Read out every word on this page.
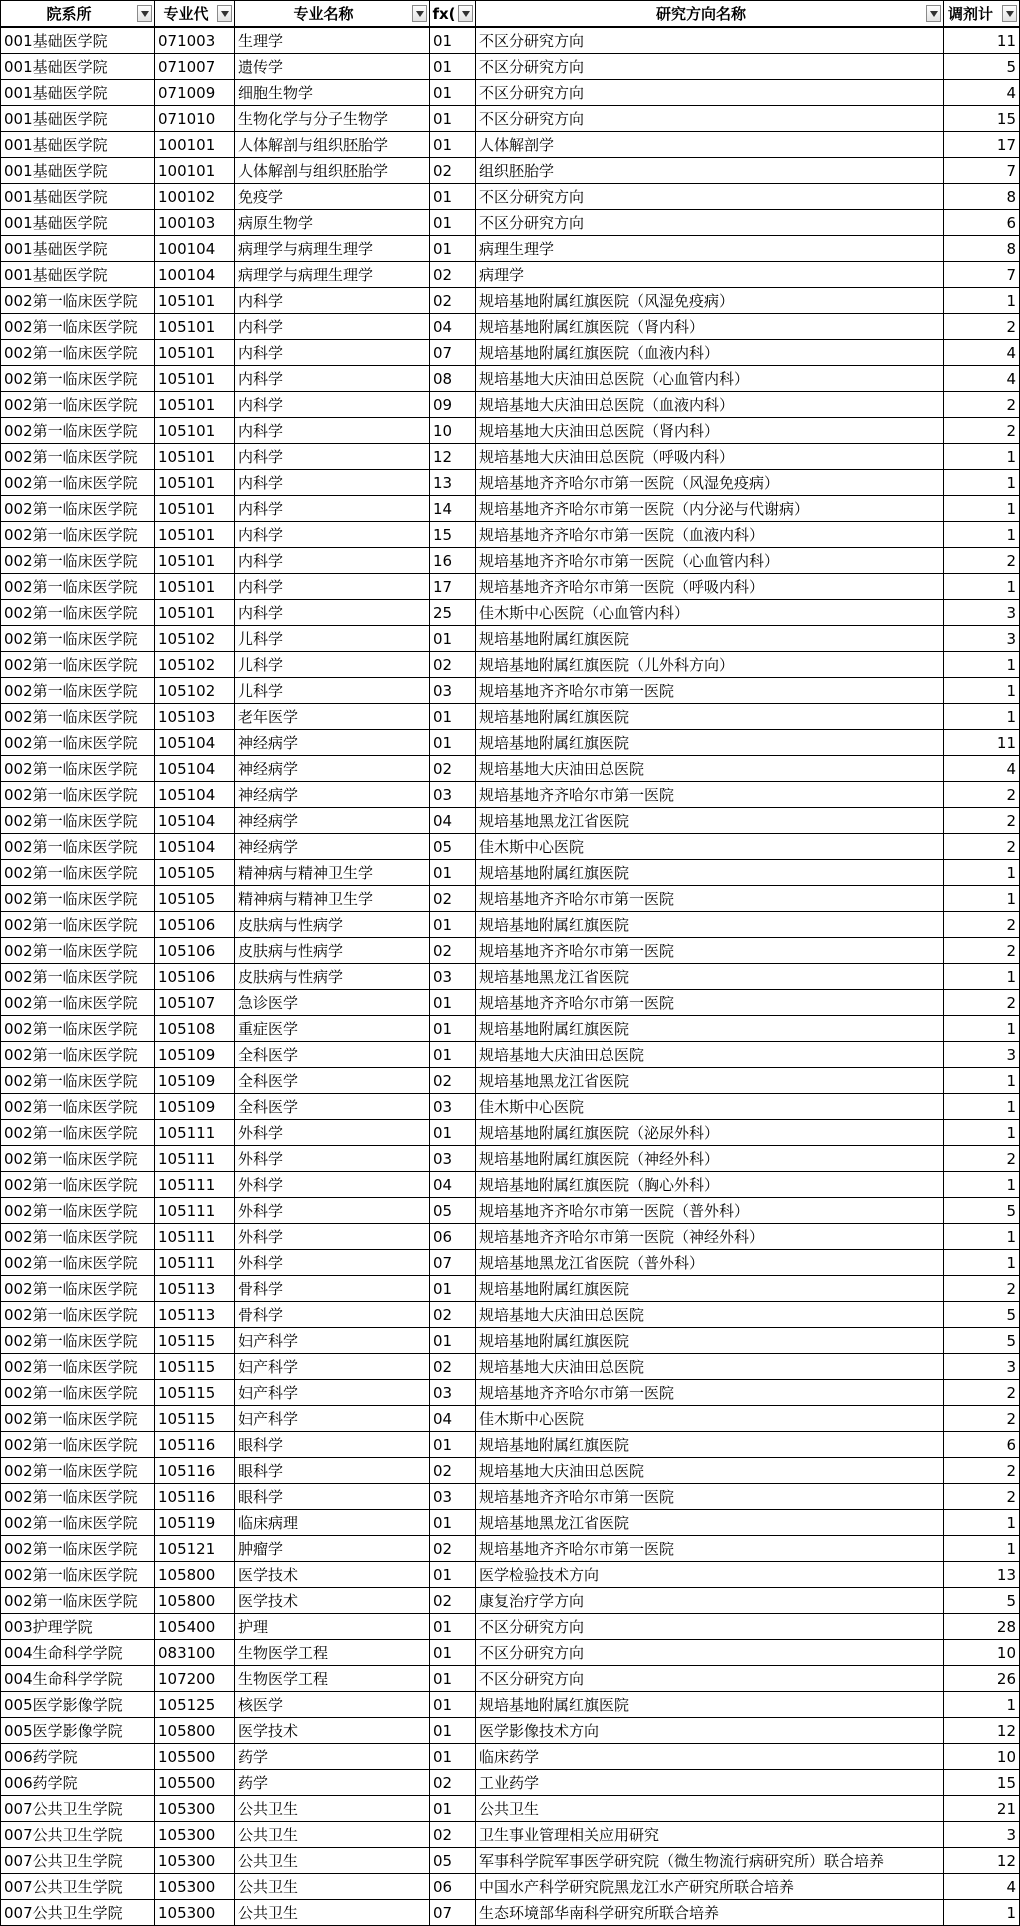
院系所	专业代	专业名称	fx(	研究方向名称	调剂计
001基础医学院	071003	生理学	01	不区分研究方向	11
001基础医学院	071007	遗传学	01	不区分研究方向	5
001基础医学院	071009	细胞生物学	01	不区分研究方向	4
001基础医学院	071010	生物化学与分子生物学	01	不区分研究方向	15
001基础医学院	100101	人体解剖与组织胚胎学	01	人体解剖学	17
001基础医学院	100101	人体解剖与组织胚胎学	02	组织胚胎学	7
001基础医学院	100102	免疫学	01	不区分研究方向	8
001基础医学院	100103	病原生物学	01	不区分研究方向	6
001基础医学院	100104	病理学与病理生理学	01	病理生理学	8
001基础医学院	100104	病理学与病理生理学	02	病理学	7
002第一临床医学院	105101	内科学	02	规培基地附属红旗医院（风湿免疫病）	1
002第一临床医学院	105101	内科学	04	规培基地附属红旗医院（肾内科）	2
002第一临床医学院	105101	内科学	07	规培基地附属红旗医院（血液内科）	4
002第一临床医学院	105101	内科学	08	规培基地大庆油田总医院（心血管内科）	4
002第一临床医学院	105101	内科学	09	规培基地大庆油田总医院（血液内科）	2
002第一临床医学院	105101	内科学	10	规培基地大庆油田总医院（肾内科）	2
002第一临床医学院	105101	内科学	12	规培基地大庆油田总医院（呼吸内科）	1
002第一临床医学院	105101	内科学	13	规培基地齐齐哈尔市第一医院（风湿免疫病）	1
002第一临床医学院	105101	内科学	14	规培基地齐齐哈尔市第一医院（内分泌与代谢病）	1
002第一临床医学院	105101	内科学	15	规培基地齐齐哈尔市第一医院（血液内科）	1
002第一临床医学院	105101	内科学	16	规培基地齐齐哈尔市第一医院（心血管内科）	2
002第一临床医学院	105101	内科学	17	规培基地齐齐哈尔市第一医院（呼吸内科）	1
002第一临床医学院	105101	内科学	25	佳木斯中心医院（心血管内科）	3
002第一临床医学院	105102	儿科学	01	规培基地附属红旗医院	3
002第一临床医学院	105102	儿科学	02	规培基地附属红旗医院（儿外科方向）	1
002第一临床医学院	105102	儿科学	03	规培基地齐齐哈尔市第一医院	1
002第一临床医学院	105103	老年医学	01	规培基地附属红旗医院	1
002第一临床医学院	105104	神经病学	01	规培基地附属红旗医院	11
002第一临床医学院	105104	神经病学	02	规培基地大庆油田总医院	4
002第一临床医学院	105104	神经病学	03	规培基地齐齐哈尔市第一医院	2
002第一临床医学院	105104	神经病学	04	规培基地黑龙江省医院	2
002第一临床医学院	105104	神经病学	05	佳木斯中心医院	2
002第一临床医学院	105105	精神病与精神卫生学	01	规培基地附属红旗医院	1
002第一临床医学院	105105	精神病与精神卫生学	02	规培基地齐齐哈尔市第一医院	1
002第一临床医学院	105106	皮肤病与性病学	01	规培基地附属红旗医院	2
002第一临床医学院	105106	皮肤病与性病学	02	规培基地齐齐哈尔市第一医院	2
002第一临床医学院	105106	皮肤病与性病学	03	规培基地黑龙江省医院	1
002第一临床医学院	105107	急诊医学	01	规培基地齐齐哈尔市第一医院	2
002第一临床医学院	105108	重症医学	01	规培基地附属红旗医院	1
002第一临床医学院	105109	全科医学	01	规培基地大庆油田总医院	3
002第一临床医学院	105109	全科医学	02	规培基地黑龙江省医院	1
002第一临床医学院	105109	全科医学	03	佳木斯中心医院	1
002第一临床医学院	105111	外科学	01	规培基地附属红旗医院（泌尿外科）	1
002第一临床医学院	105111	外科学	03	规培基地附属红旗医院（神经外科）	2
002第一临床医学院	105111	外科学	04	规培基地附属红旗医院（胸心外科）	1
002第一临床医学院	105111	外科学	05	规培基地齐齐哈尔市第一医院（普外科）	5
002第一临床医学院	105111	外科学	06	规培基地齐齐哈尔市第一医院（神经外科）	1
002第一临床医学院	105111	外科学	07	规培基地黑龙江省医院（普外科）	1
002第一临床医学院	105113	骨科学	01	规培基地附属红旗医院	2
002第一临床医学院	105113	骨科学	02	规培基地大庆油田总医院	5
002第一临床医学院	105115	妇产科学	01	规培基地附属红旗医院	5
002第一临床医学院	105115	妇产科学	02	规培基地大庆油田总医院	3
002第一临床医学院	105115	妇产科学	03	规培基地齐齐哈尔市第一医院	2
002第一临床医学院	105115	妇产科学	04	佳木斯中心医院	2
002第一临床医学院	105116	眼科学	01	规培基地附属红旗医院	6
002第一临床医学院	105116	眼科学	02	规培基地大庆油田总医院	2
002第一临床医学院	105116	眼科学	03	规培基地齐齐哈尔市第一医院	2
002第一临床医学院	105119	临床病理	01	规培基地黑龙江省医院	1
002第一临床医学院	105121	肿瘤学	02	规培基地齐齐哈尔市第一医院	1
002第一临床医学院	105800	医学技术	01	医学检验技术方向	13
002第一临床医学院	105800	医学技术	02	康复治疗学方向	5
003护理学院	105400	护理	01	不区分研究方向	28
004生命科学学院	083100	生物医学工程	01	不区分研究方向	10
004生命科学学院	107200	生物医学工程	01	不区分研究方向	26
005医学影像学院	105125	核医学	01	规培基地附属红旗医院	1
005医学影像学院	105800	医学技术	01	医学影像技术方向	12
006药学院	105500	药学	01	临床药学	10
006药学院	105500	药学	02	工业药学	15
007公共卫生学院	105300	公共卫生	01	公共卫生	21
007公共卫生学院	105300	公共卫生	02	卫生事业管理相关应用研究	3
007公共卫生学院	105300	公共卫生	05	军事科学院军事医学研究院（微生物流行病研究所）联合培养	12
007公共卫生学院	105300	公共卫生	06	中国水产科学研究院黑龙江水产研究所联合培养	4
007公共卫生学院	105300	公共卫生	07	生态环境部华南科学研究所联合培养	1
